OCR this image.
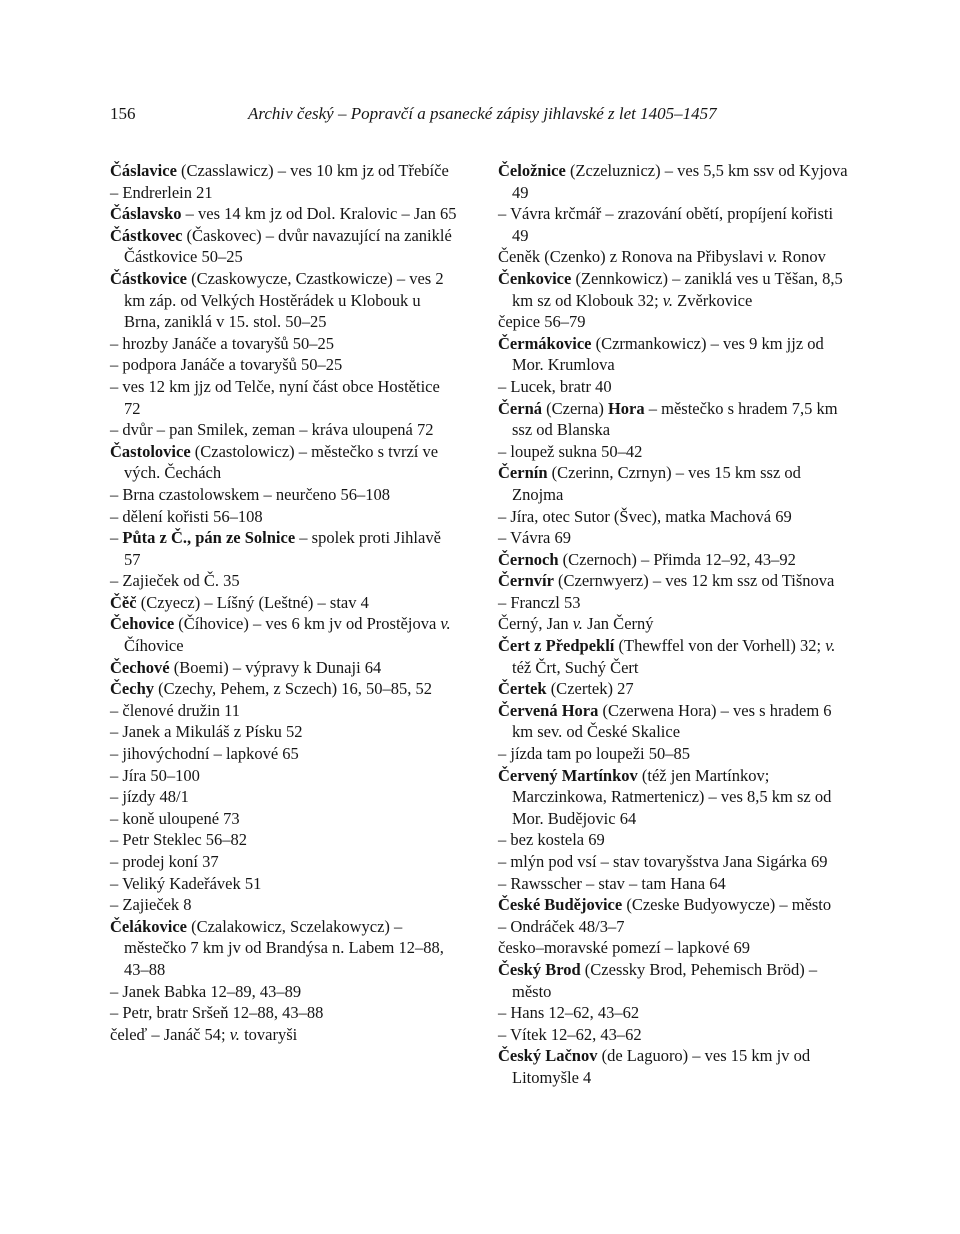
156	Archiv český – Popravčí a psanecké zápisy jihlavské z let 1405–1457
Čáslavice (Czasslawicz) – ves 10 km jz od Třebíče
– Endrerlein 21
Čáslavsko – ves 14 km jz od Dol. Kralovic – Jan 65
Částkovec (Časkovec) – dvůr navazující na zaniklé Částkovice 50–25
Částkovice (Czaskowycze, Czastkowicze) – ves 2 km záp. od Velkých Hostěrádek u Klobouk u Brna, zaniklá v 15. stol. 50–25
– hrozby Janáče a tovaryšů 50–25
– podpora Janáče a tovaryšů 50–25
– ves 12 km jjz od Telče, nyní část obce Hostětice 72
– dvůr – pan Smilek, zeman – kráva uloupená 72
Častolovice (Czastolowicz) – městečko s tvrzí ve vých. Čechách
– Brna czastolowskem – neurčeno 56–108
– dělení kořisti 56–108
– Půta z Č., pán ze Solnice – spolek proti Jihlavě 57
– Zajieček od Č. 35
Čěč (Czyecz) – Líšný (Leštné) – stav 4
Čehovice (Číhovice) – ves 6 km jv od Prostějova v. Číhovice
Čechové (Boemi) – výpravy k Dunaji 64
Čechy (Czechy, Pehem, z Sczech) 16, 50–85, 52
– členové družin 11
– Janek a Mikuláš z Písku 52
– jihovýchodní – lapkové 65
– Jíra 50–100
– jízdy 48/1
– koně uloupené 73
– Petr Steklec 56–82
– prodej koní 37
– Veliký Kadeřávek 51
– Zajieček 8
Čelákovice (Czalakowicz, Sczelakowycz) – městečko 7 km jv od Brandýsa n. Labem 12–88, 43–88
– Janek Babka 12–89, 43–89
– Petr, bratr Sršeň 12–88, 43–88
čeleď – Janáč 54; v. tovaryši
Čeložnice (Zczeluznicz) – ves 5,5 km ssv od Kyjova 49
– Vávra krčmář – zrazování obětí, propíjení kořisti 49
Čeněk (Czenko) z Ronova na Přibyslavi v. Ronov
Čenkovice (Zennkowicz) – zaniklá ves u Těšan, 8,5 km sz od Klobouk 32; v. Zvěrkovice
čepice 56–79
Čermákovice (Czrmankowicz) – ves 9 km jjz od Mor. Krumlova
– Lucek, bratr 40
Černá (Czerna) Hora – městečko s hradem 7,5 km ssz od Blanska
– loupež sukna 50–42
Černín (Czerinn, Czrnyn) – ves 15 km ssz od Znojma
– Jíra, otec Sutor (Švec), matka Machová 69
– Vávra 69
Černoch (Czernoch) – Přimda 12–92, 43–92
Černvír (Czernwyerz) – ves 12 km ssz od Tišnova
– Franczl 53
Černý, Jan v. Jan Černý
Čert z Předpeklí (Thewffel von der Vorhell) 32; v. též Črt, Suchý Čert
Čertek (Czertek) 27
Červená Hora (Czerwena Hora) – ves s hradem 6 km sev. od České Skalice
– jízda tam po loupeži 50–85
Červený Martínkov (též jen Martínkov; Marczinkowa, Ratmertenicz) – ves 8,5 km sz od Mor. Budějovic 64
– bez kostela 69
– mlýn pod vsí – stav tovaryšstva Jana Sigárka 69
– Rawsscher – stav – tam Hana 64
České Budějovice (Czeske Budyowycze) – město
– Ondráček 48/3–7
česko–moravské pomezí – lapkové 69
Český Brod (Czessky Brod, Pehemisch Bröd) – město
– Hans 12–62, 43–62
– Vítek 12–62, 43–62
Český Lačnov (de Laguoro) – ves 15 km jv od Litomyšle 4
